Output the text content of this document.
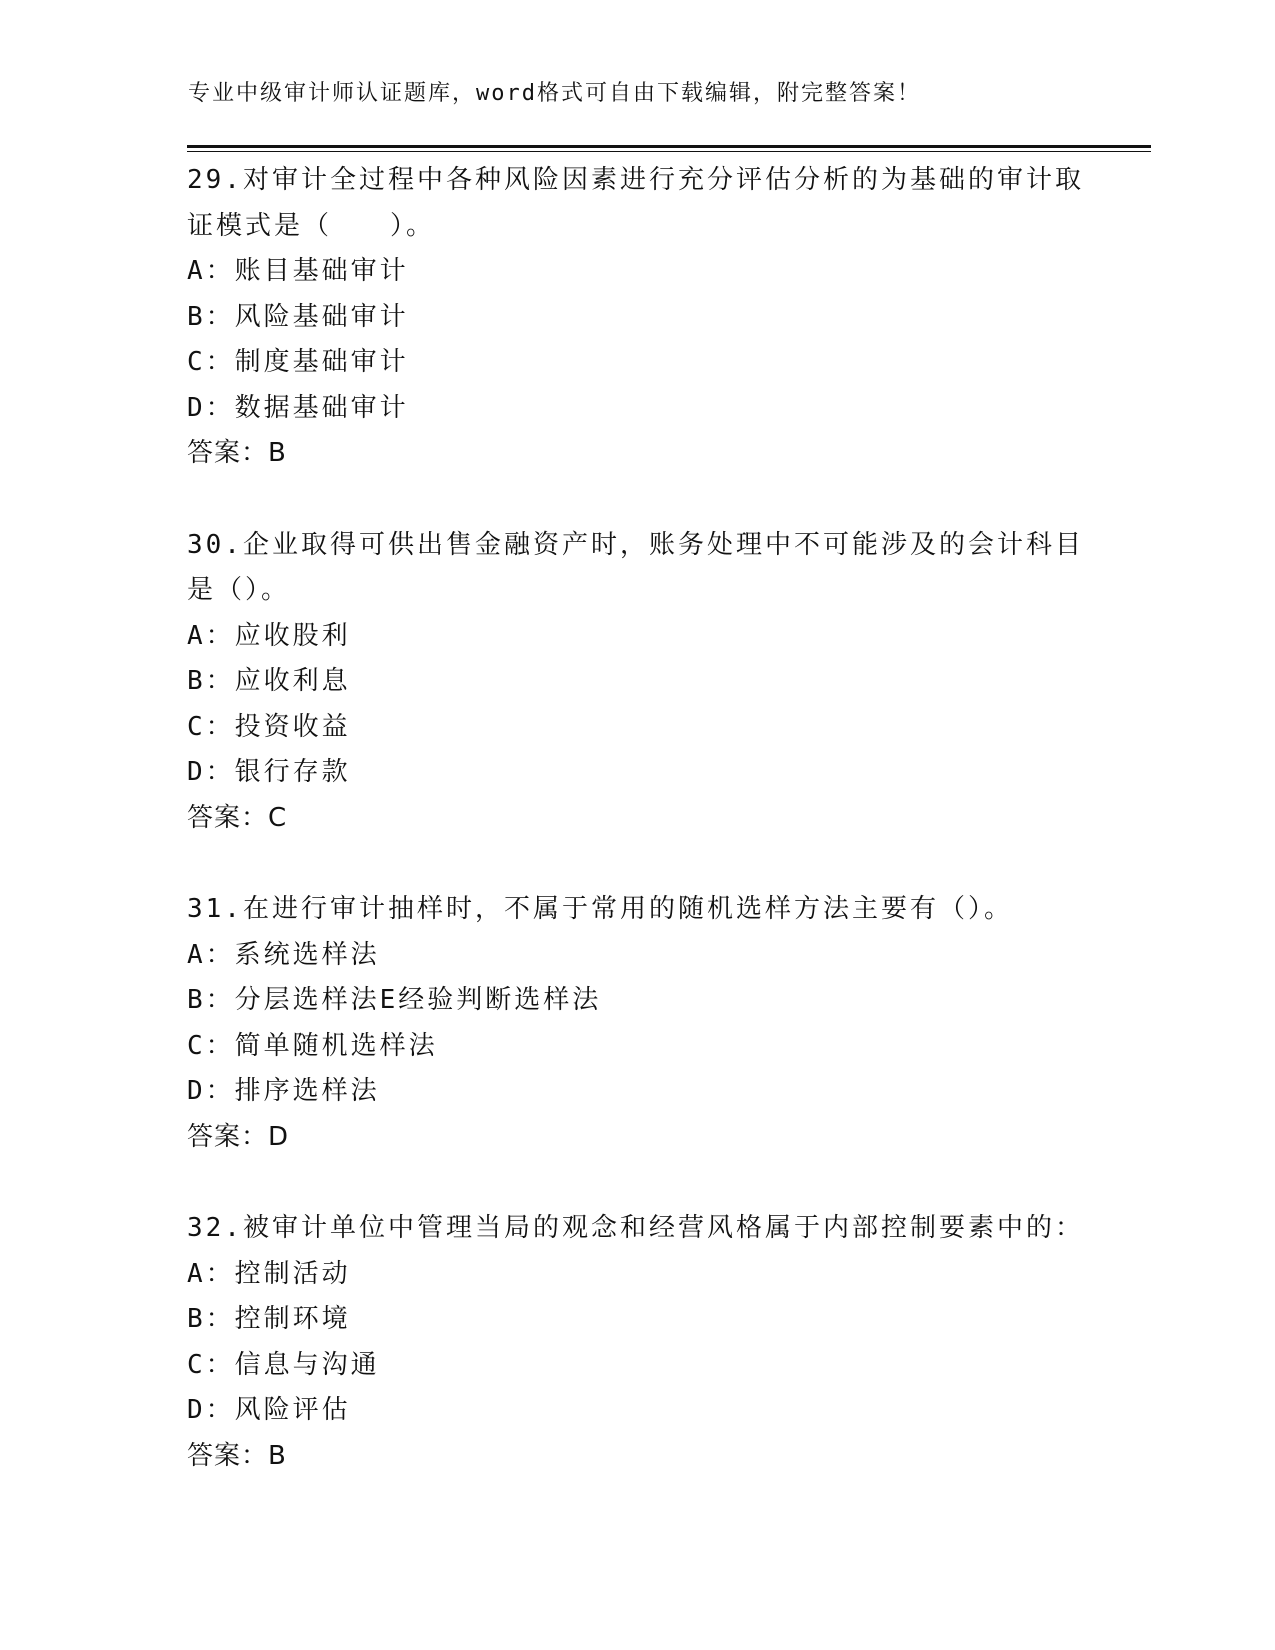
专业中级审计师认证题库，word格式可自由下载编辑，附完整答案！
29.对审计全过程中各种风险因素进行充分评估分析的为基础的审计取证模式是（　　）。
A：账目基础审计
B：风险基础审计
C：制度基础审计
D：数据基础审计
答案：B
30.企业取得可供出售金融资产时，账务处理中不可能涉及的会计科目是（）。
A：应收股利
B：应收利息
C：投资收益
D：银行存款
答案：C
31.在进行审计抽样时，不属于常用的随机选样方法主要有（）。
A：系统选样法
B：分层选样法E经验判断选样法
C：简单随机选样法
D：排序选样法
答案：D
32.被审计单位中管理当局的观念和经营风格属于内部控制要素中的：
A：控制活动
B：控制环境
C：信息与沟通
D：风险评估
答案：B
